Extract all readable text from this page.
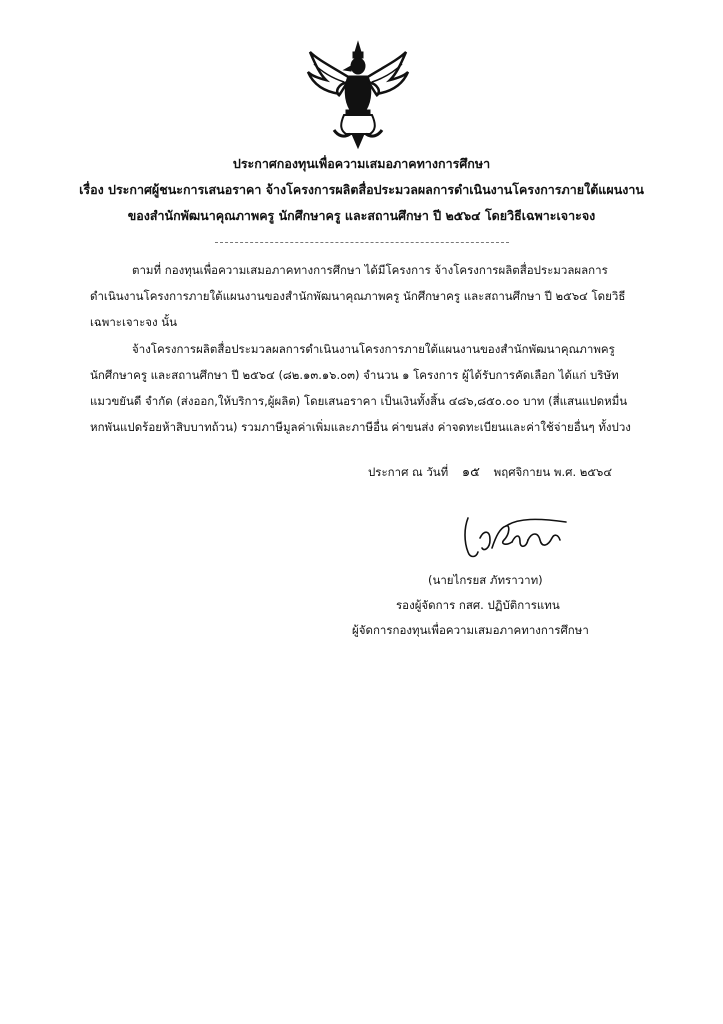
ประกาศกองทุนเพื่อความเสมอภาคทางการศึกษา
เรื่อง ประกาศผู้ชนะการเสนอราคา จ้างโครงการผลิตสื่อประมวลผลการดำเนินงานโครงการภายใต้แผนงาน
ของสำนักพัฒนาคุณภาพครู นักศึกษาครู และสถานศึกษา ปี ๒๕๖๔ โดยวิธีเฉพาะเจาะจง
ตามที่ กองทุนเพื่อความเสมอภาคทางการศึกษา ได้มีโครงการ จ้างโครงการผลิตสื่อประมวลผลการ
ดำเนินงานโครงการภายใต้แผนงานของสำนักพัฒนาคุณภาพครู นักศึกษาครู และสถานศึกษา ปี ๒๕๖๔ โดยวิธี
เฉพาะเจาะจง นั้น
จ้างโครงการผลิตสื่อประมวลผลการดำเนินงานโครงการภายใต้แผนงานของสำนักพัฒนาคุณภาพครู
นักศึกษาครู และสถานศึกษา ปี ๒๕๖๔ (๘๒.๑๓.๑๖.๐๓) จำนวน ๑ โครงการ ผู้ได้รับการคัดเลือก ได้แก่ บริษัท
แมวขยันดี จำกัด (ส่งออก,ให้บริการ,ผู้ผลิต) โดยเสนอราคา เป็นเงินทั้งสิ้น ๔๘๖,๘๕๐.๐๐ บาท (สี่แสนแปดหมื่น
หกพันแปดร้อยห้าสิบบาทถ้วน) รวมภาษีมูลค่าเพิ่มและภาษีอื่น ค่าขนส่ง ค่าจดทะเบียนและค่าใช้จ่ายอื่นๆ ทั้งปวง
ประกาศ ณ วันที่ ๑๕ พฤศจิกายน พ.ศ. ๒๕๖๔
(นายไกรยส ภัทราวาท)
รองผู้จัดการ กสศ. ปฏิบัติการแทน
ผู้จัดการกองทุนเพื่อความเสมอภาคทางการศึกษา
